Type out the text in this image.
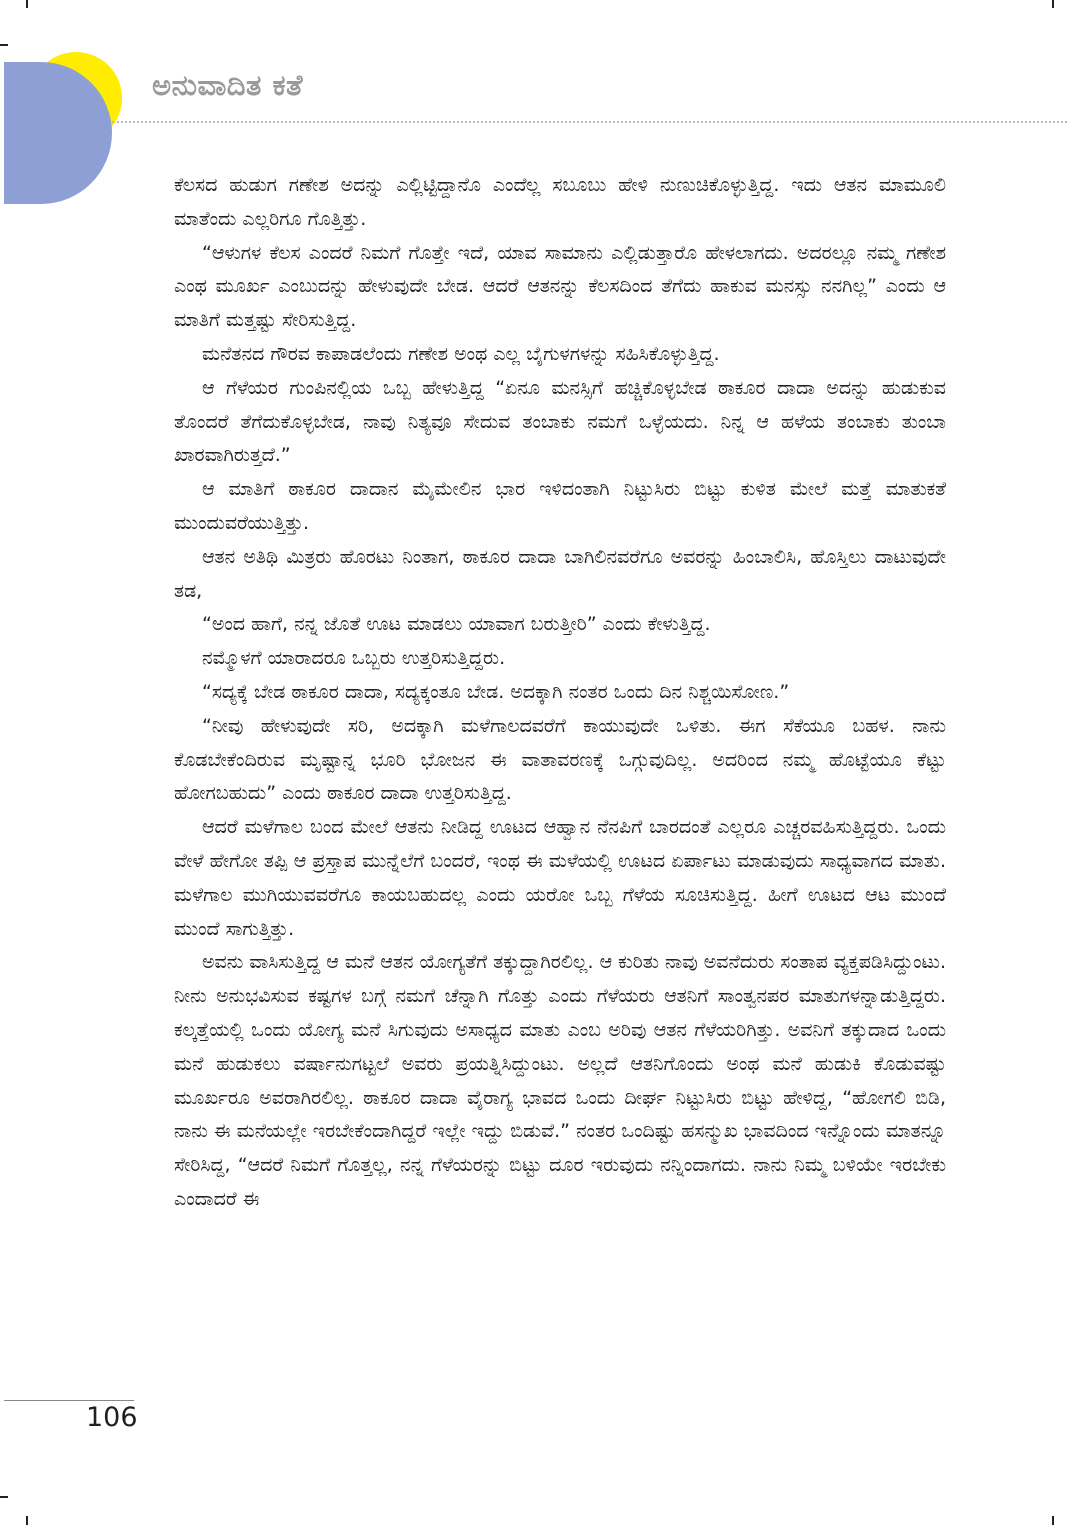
ಅನುವಾದಿತ ಕತೆ

ಕೆಲಸದ ಹುಡುಗ ಗಣೇಶ ಅದನ್ನು ಎಲ್ಲಿಟ್ಟಿದ್ದಾನೊ ಎಂದೆಲ್ಲ ಸಬೂಬು ಹೇಳಿ ನುಣುಚಿಕೊಳ್ಳುತ್ತಿದ್ದ. ಇದು ಆತನ ಮಾಮೂಲಿ ಮಾತೆಂದು ಎಲ್ಲರಿಗೂ ಗೊತ್ತಿತ್ತು.

“ಆಳುಗಳ ಕೆಲಸ ಎಂದರೆ ನಿಮಗೆ ಗೊತ್ತೇ ಇದೆ, ಯಾವ ಸಾಮಾನು ಎಲ್ಲಿಡುತ್ತಾರೊ ಹೇಳಲಾಗದು. ಅದರಲ್ಲೂ ನಮ್ಮ ಗಣೇಶ ಎಂಥ ಮೂರ್ಖ ಎಂಬುದನ್ನು ಹೇಳುವುದೇ ಬೇಡ. ಆದರೆ ಆತನನ್ನು ಕೆಲಸದಿಂದ ತೆಗೆದು ಹಾಕುವ ಮನಸ್ಸು ನನಗಿಲ್ಲ” ಎಂದು ಆ ಮಾತಿಗೆ ಮತ್ತಷ್ಟು ಸೇರಿಸುತ್ತಿದ್ದ.

ಮನೆತನದ ಗೌರವ ಕಾಪಾಡಲೆಂದು ಗಣೇಶ ಅಂಥ ಎಲ್ಲ ಬೈಗುಳಗಳನ್ನು ಸಹಿಸಿಕೊಳ್ಳುತ್ತಿದ್ದ.

ಆ ಗೆಳೆಯರ ಗುಂಪಿನಲ್ಲಿಯ ಒಬ್ಬ ಹೇಳುತ್ತಿದ್ದ “ಏನೂ ಮನಸ್ಸಿಗೆ ಹಚ್ಚಿಕೊಳ್ಳಬೇಡ ಠಾಕೂರ ದಾದಾ ಅದನ್ನು ಹುಡುಕುವ ತೊಂದರೆ ತೆಗೆದುಕೊಳ್ಳಬೇಡ, ನಾವು ನಿತ್ಯವೂ ಸೇದುವ ತಂಬಾಕು ನಮಗೆ ಒಳ್ಳೆಯದು. ನಿನ್ನ ಆ ಹಳೆಯ ತಂಬಾಕು ತುಂಬಾ ಖಾರವಾಗಿರುತ್ತದೆ.”

ಆ ಮಾತಿಗೆ ಠಾಕೂರ ದಾದಾನ ಮೈಮೇಲಿನ ಭಾರ ಇಳಿದಂತಾಗಿ ನಿಟ್ಟುಸಿರು ಬಿಟ್ಟು ಕುಳಿತ ಮೇಲೆ ಮತ್ತೆ ಮಾತುಕತೆ ಮುಂದುವರೆಯುತ್ತಿತ್ತು.

ಆತನ ಅತಿಥಿ ಮಿತ್ರರು ಹೊರಟು ನಿಂತಾಗ, ಠಾಕೂರ ದಾದಾ ಬಾಗಿಲಿನವರೆಗೂ ಅವರನ್ನು ಹಿಂಬಾಲಿಸಿ, ಹೊಸ್ತಿಲು ದಾಟುವುದೇ ತಡ,

“ಅಂದ ಹಾಗೆ, ನನ್ನ ಜೊತೆ ಊಟ ಮಾಡಲು ಯಾವಾಗ ಬರುತ್ತೀರಿ” ಎಂದು ಕೇಳುತ್ತಿದ್ದ.

ನಮ್ಮೊಳಗೆ ಯಾರಾದರೂ ಒಬ್ಬರು ಉತ್ತರಿಸುತ್ತಿದ್ದರು.

“ಸದ್ಯಕ್ಕೆ ಬೇಡ ಠಾಕೂರ ದಾದಾ, ಸದ್ಯಕ್ಕಂತೂ ಬೇಡ. ಅದಕ್ಕಾಗಿ ನಂತರ ಒಂದು ದಿನ ನಿಶ್ಚಯಿಸೋಣ.”

“ನೀವು ಹೇಳುವುದೇ ಸರಿ, ಅದಕ್ಕಾಗಿ ಮಳೆಗಾಲದವರೆಗೆ ಕಾಯುವುದೇ ಒಳಿತು. ಈಗ ಸೆಕೆಯೂ ಬಹಳ. ನಾನು ಕೊಡಬೇಕೆಂದಿರುವ ಮೃಷ್ಟಾನ್ನ ಭೂರಿ ಭೋಜನ ಈ ವಾತಾವರಣಕ್ಕೆ ಒಗ್ಗುವುದಿಲ್ಲ. ಅದರಿಂದ ನಮ್ಮ ಹೊಟ್ಟೆಯೂ ಕೆಟ್ಟು ಹೋಗಬಹುದು” ಎಂದು ಠಾಕೂರ ದಾದಾ ಉತ್ತರಿಸುತ್ತಿದ್ದ.

ಆದರೆ ಮಳೆಗಾಲ ಬಂದ ಮೇಲೆ ಆತನು ನೀಡಿದ್ದ ಊಟದ ಆಹ್ವಾನ ನೆನಪಿಗೆ ಬಾರದಂತೆ ಎಲ್ಲರೂ ಎಚ್ಚರವಹಿಸುತ್ತಿದ್ದರು. ಒಂದು ವೇಳೆ ಹೇಗೋ ತಪ್ಪಿ ಆ ಪ್ರಸ್ತಾಪ ಮುನ್ನೆಲೆಗೆ ಬಂದರೆ, ಇಂಥ ಈ ಮಳೆಯಲ್ಲಿ ಊಟದ ಏರ್ಪಾಟು ಮಾಡುವುದು ಸಾಧ್ಯವಾಗದ ಮಾತು. ಮಳೆಗಾಲ ಮುಗಿಯುವವರೆಗೂ ಕಾಯಬಹುದಲ್ಲ ಎಂದು ಯರೋ ಒಬ್ಬ ಗೆಳೆಯ ಸೂಚಿಸುತ್ತಿದ್ದ. ಹೀಗೆ ಊಟದ ಆಟ ಮುಂದೆ ಮುಂದೆ ಸಾಗುತ್ತಿತ್ತು.

ಅವನು ವಾಸಿಸುತ್ತಿದ್ದ ಆ ಮನೆ ಆತನ ಯೋಗ್ಯತೆಗೆ ತಕ್ಕುದ್ದಾಗಿರಲಿಲ್ಲ. ಆ ಕುರಿತು ನಾವು ಅವನೆದುರು ಸಂತಾಪ ವ್ಯಕ್ತಪಡಿಸಿದ್ದುಂಟು. ನೀನು ಅನುಭವಿಸುವ ಕಷ್ಟಗಳ ಬಗ್ಗೆ ನಮಗೆ ಚೆನ್ನಾಗಿ ಗೊತ್ತು ಎಂದು ಗೆಳೆಯರು ಆತನಿಗೆ ಸಾಂತ್ವನಪರ ಮಾತುಗಳನ್ನಾಡುತ್ತಿದ್ದರು. ಕಲ್ಕತ್ತೆಯಲ್ಲಿ ಒಂದು ಯೋಗ್ಯ ಮನೆ ಸಿಗುವುದು ಅಸಾಧ್ಯದ ಮಾತು ಎಂಬ ಅರಿವು ಆತನ ಗೆಳೆಯರಿಗಿತ್ತು. ಅವನಿಗೆ ತಕ್ಕುದಾದ ಒಂದು ಮನೆ ಹುಡುಕಲು ವರ್ಷಾನುಗಟ್ಟಲೆ ಅವರು ಪ್ರಯತ್ನಿಸಿದ್ದುಂಟು. ಅಲ್ಲದೆ ಆತನಿಗೊಂದು ಅಂಥ ಮನೆ ಹುಡುಕಿ ಕೊಡುವಷ್ಟು ಮೂರ್ಖರೂ ಅವರಾಗಿರಲಿಲ್ಲ. ಠಾಕೂರ ದಾದಾ ವೈರಾಗ್ಯ ಭಾವದ ಒಂದು ದೀರ್ಘ ನಿಟ್ಟುಸಿರು ಬಿಟ್ಟು ಹೇಳಿದ್ದ, “ಹೋಗಲಿ ಬಿಡಿ, ನಾನು ಈ ಮನೆಯಲ್ಲೇ ಇರಬೇಕೆಂದಾಗಿದ್ದರೆ ಇಲ್ಲೇ ಇದ್ದು ಬಿಡುವೆ.” ನಂತರ ಒಂದಿಷ್ಟು ಹಸನ್ಮುಖ ಭಾವದಿಂದ ಇನ್ನೊಂದು ಮಾತನ್ನೂ ಸೇರಿಸಿದ್ದ, “ಆದರೆ ನಿಮಗೆ ಗೊತ್ತಲ್ಲ, ನನ್ನ ಗೆಳೆಯರನ್ನು ಬಿಟ್ಟು ದೂರ ಇರುವುದು ನನ್ನಿಂದಾಗದು. ನಾನು ನಿಮ್ಮ ಬಳಿಯೇ ಇರಬೇಕು ಎಂದಾದರೆ ಈ

106
